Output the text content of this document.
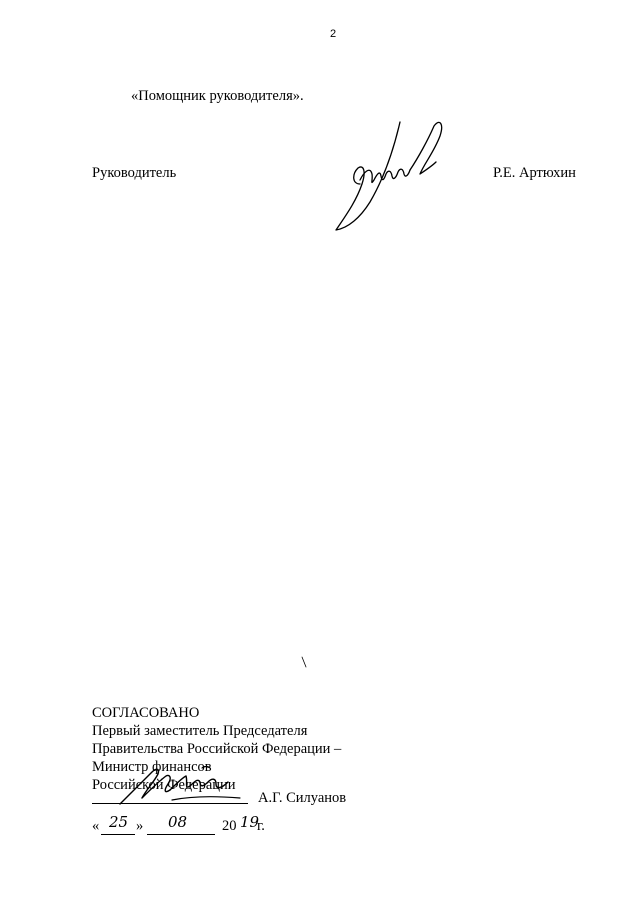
2
«Помощник руководителя».
Руководитель	Р.Е. Артюхин
СОГЛАСОВАНО
Первый заместитель Председателя
Правительства Российской Федерации –
Министр финансов
Российской Федерации
А.Г. Силуанов
« 25 » 08 20 19
г.
